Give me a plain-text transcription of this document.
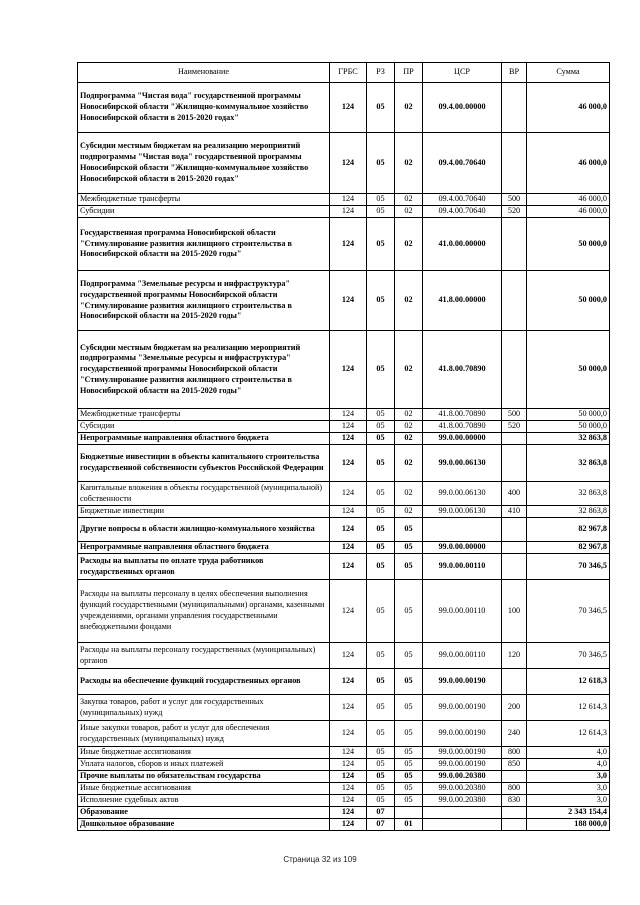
Наименование	ГРБС	РЗ	ПР	ЦСР	ВР	Сумма
Подпрограмма "Чистая вода" государственной программы Новосибирской области "Жилищно-коммунальное хозяйство Новосибирской области в 2015-2020 годах"	124	05	02	09.4.00.00000		46 000,0
Субсидии местным бюджетам на реализацию мероприятий подпрограммы "Чистая вода" государственной программы Новосибирской области "Жилищно-коммунальное хозяйство Новосибирской области в 2015-2020 годах"	124	05	02	09.4.00.70640		46 000,0
Межбюджетные трансферты	124	05	02	09.4.00.70640	500	46 000,0
Субсидии	124	05	02	09.4.00.70640	520	46 000,0
Государственная программа Новосибирской области "Стимулирование развития жилищного строительства в Новосибирской области на 2015-2020 годы"	124	05	02	41.0.00.00000		50 000,0
Подпрограмма "Земельные ресурсы и инфраструктура" государственной программы Новосибирской области "Стимулирование развития жилищного строительства в Новосибирской области на 2015-2020 годы"	124	05	02	41.8.00.00000		50 000,0
Субсидии местным бюджетам на реализацию мероприятий подпрограммы "Земельные ресурсы и инфраструктура" государственной программы Новосибирской области "Стимулирование развития жилищного строительства в Новосибирской области на 2015-2020 годы"	124	05	02	41.8.00.70890		50 000,0
Межбюджетные трансферты	124	05	02	41.8.00.70890	500	50 000,0
Субсидии	124	05	02	41.8.00.70890	520	50 000,0
Непрограммные направления областного бюджета	124	05	02	99.0.00.00000		32 863,8
Бюджетные инвестиции в объекты капитального строительства государственной собственности субъектов Российской Федерации	124	05	02	99.0.00.06130		32 863,8
Капитальные вложения в объекты государственной (муниципальной) собственности	124	05	02	99.0.00.06130	400	32 863,8
Бюджетные инвестиции	124	05	02	99.0.00.06130	410	32 863,8
Другие вопросы в области жилищно-коммунального хозяйства	124	05	05			82 967,8
Непрограммные направления областного бюджета	124	05	05	99.0.00.00000		82 967,8
Расходы на выплаты по оплате труда работников государственных органов	124	05	05	99.0.00.00110		70 346,5
Расходы на выплаты персоналу в целях обеспечения выполнения функций государственными (муниципальными) органами, казенными учреждениями, органами управления государственными внебюджетными фондами	124	05	05	99.0.00.00110	100	70 346,5
Расходы на выплаты персоналу государственных (муниципальных) органов	124	05	05	99.0.00.00110	120	70 346,5
Расходы на обеспечение функций государственных органов	124	05	05	99.0.00.00190		12 618,3
Закупка товаров, работ и услуг для государственных (муниципальных) нужд	124	05	05	99.0.00.00190	200	12 614,3
Иные закупки товаров, работ и услуг для обеспечения государственных (муниципальных) нужд	124	05	05	99.0.00.00190	240	12 614,3
Иные бюджетные ассигнования	124	05	05	99.0.00.00190	800	4,0
Уплата налогов, сборов и иных платежей	124	05	05	99.0.00.00190	850	4,0
Прочие выплаты по обязательствам государства	124	05	05	99.0.00.20380		3,0
Иные бюджетные ассигнования	124	05	05	99.0.00.20380	800	3,0
Исполнение судебных актов	124	05	05	99.0.00.20380	830	3,0
Образование	124	07				2 343 154,4
Дошкольное образование	124	07	01			188 000,0
Страница 32 из 109
